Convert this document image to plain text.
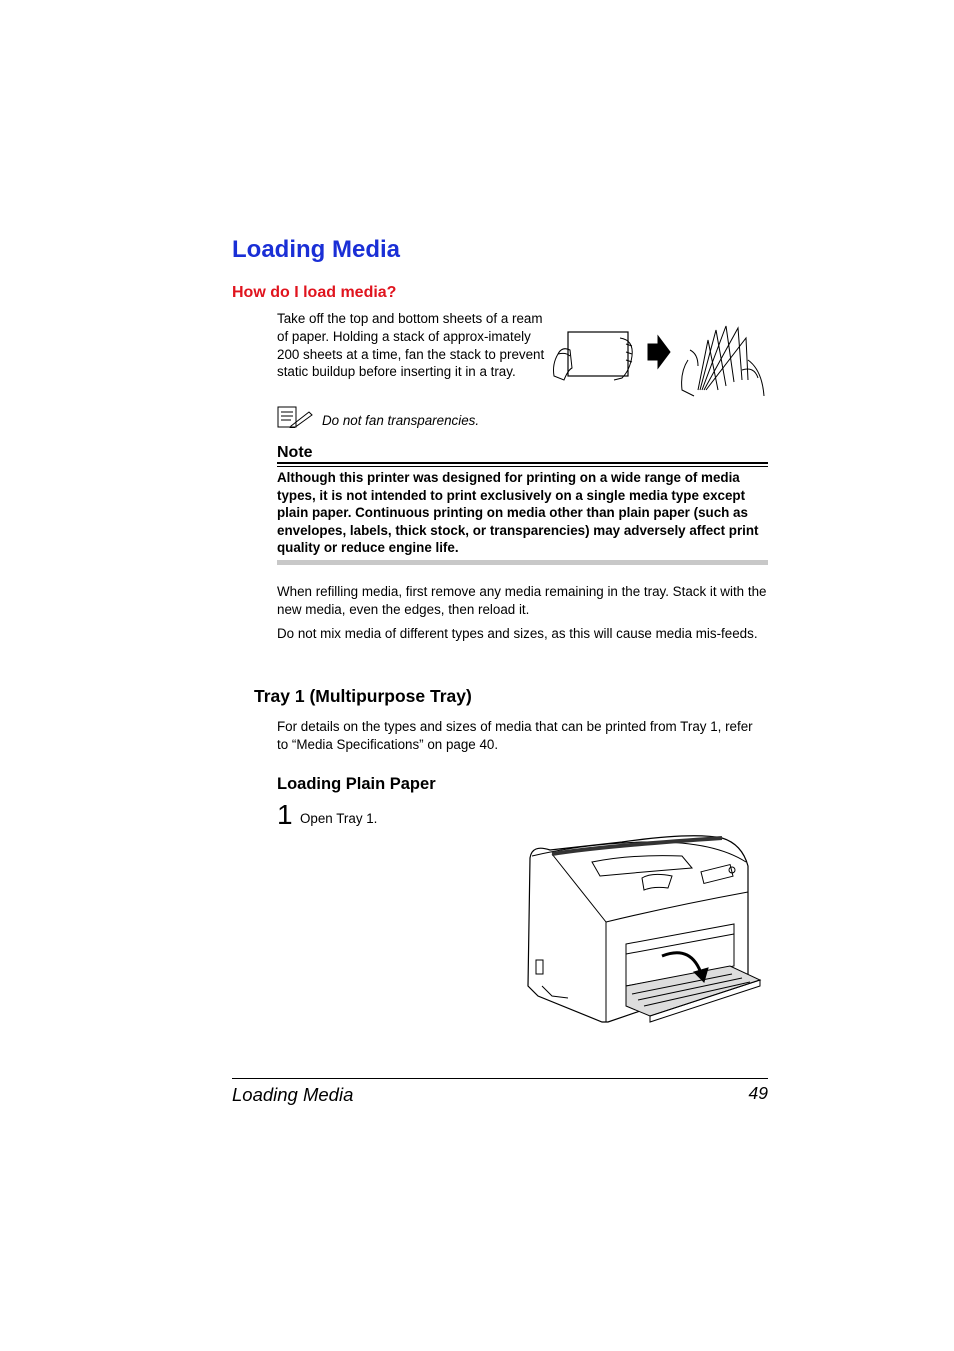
Loading Media
How do I load media?
Take off the top and bottom sheets of a ream of paper. Holding a stack of approx-imately 200 sheets at a time, fan the stack to prevent static buildup before inserting it in a tray.
Do not fan transparencies.
Note
Although this printer was designed for printing on a wide range of media types, it is not intended to print exclusively on a single media type except plain paper. Continuous printing on media other than plain paper (such as envelopes, labels, thick stock, or transparencies) may adversely affect print quality or reduce engine life.
When refilling media, first remove any media remaining in the tray. Stack it with the new media, even the edges, then reload it.
Do not mix media of different types and sizes, as this will cause media mis-feeds.
Tray 1 (Multipurpose Tray)
For details on the types and sizes of media that can be printed from Tray 1, refer to “Media Specifications” on page 40.
Loading Plain Paper
1 Open Tray 1.
Loading Media	49
